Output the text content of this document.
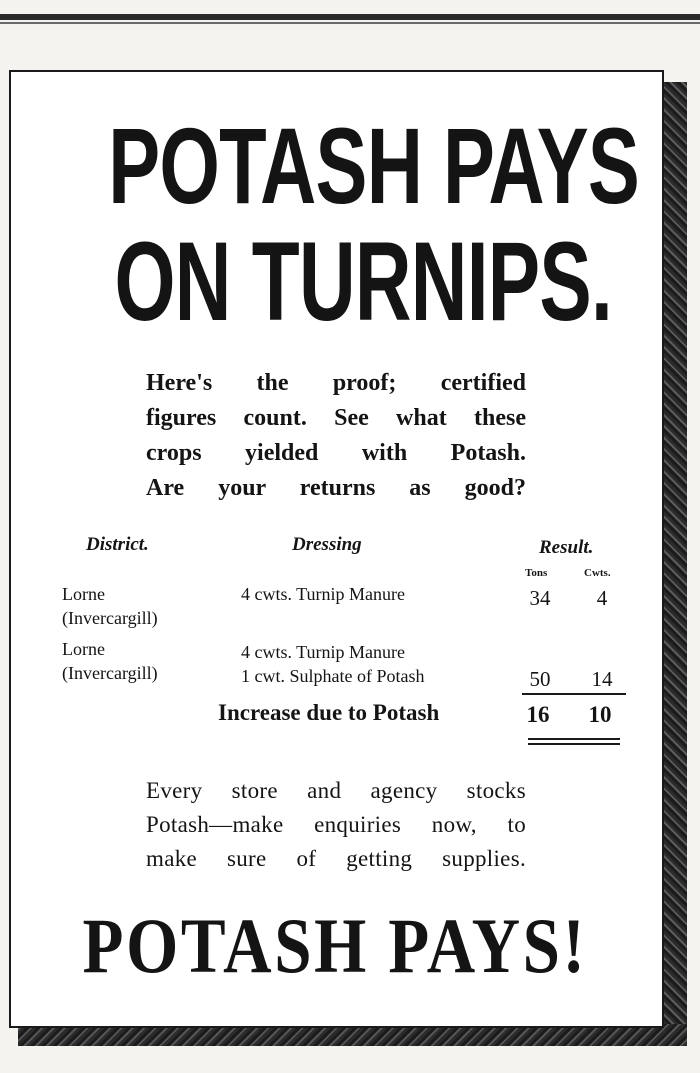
POTASH PAYS
ON TURNIPS.
Here's the proof; certified
figures count. See what these
crops yielded with Potash.
Are your returns as good?
District.	Dressing	Result.
Tons	Cwts.
Lorne
(Invercargill)
4 cwts. Turnip Manure	34	4
Lorne
(Invercargill)
4 cwts. Turnip Manure
1 cwt. Sulphate of Potash	50	14
Increase due to Potash	16	10
Every store and agency stocks
Potash—make enquiries now, to
make sure of getting supplies.
POTASH PAYS!
